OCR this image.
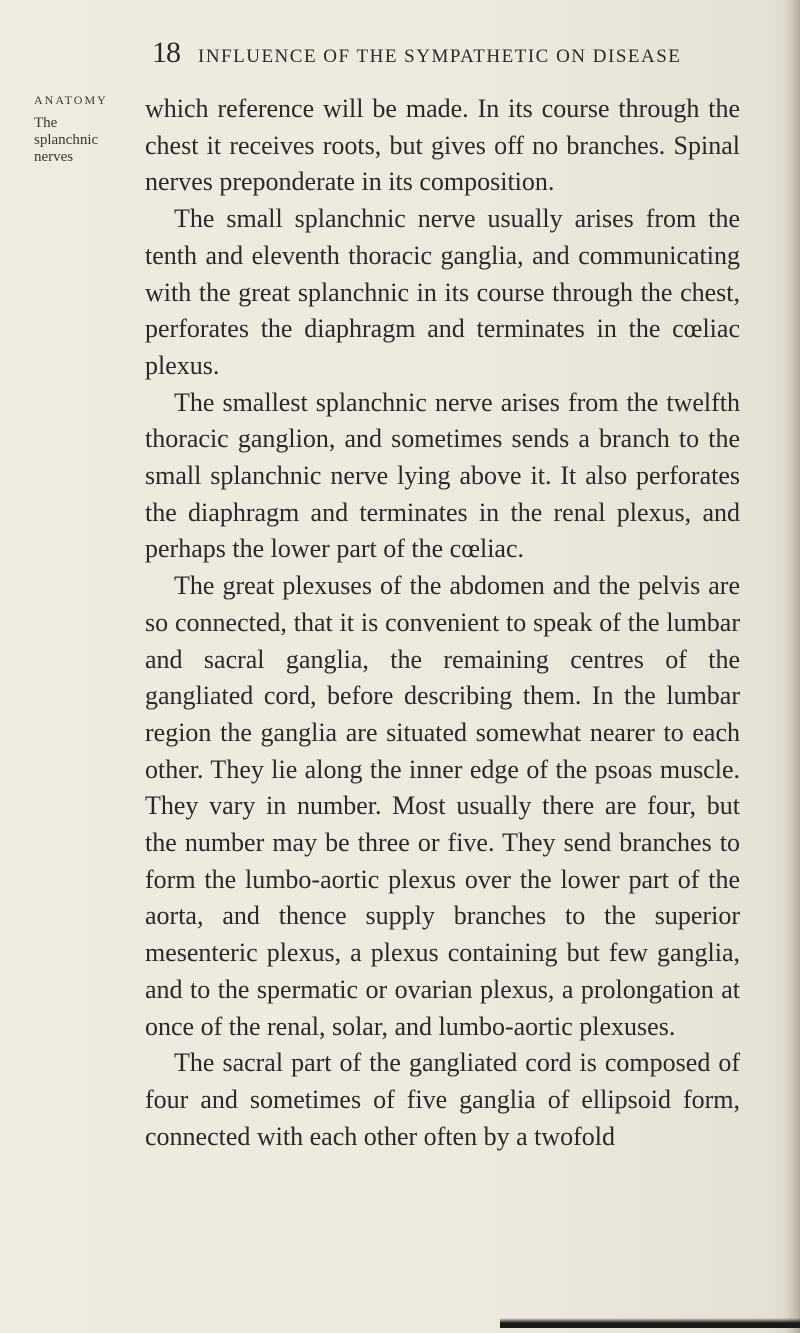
18 INFLUENCE OF THE SYMPATHETIC ON DISEASE
ANATOMY
The
splanchnic
nerves

which reference will be made. In its course through the chest it receives roots, but gives off no branches. Spinal nerves preponderate in its composition.

The small splanchnic nerve usually arises from the tenth and eleventh thoracic ganglia, and communicating with the great splanchnic in its course through the chest, perforates the diaphragm and terminates in the cœliac plexus.

The smallest splanchnic nerve arises from the twelfth thoracic ganglion, and sometimes sends a branch to the small splanchnic nerve lying above it. It also perforates the diaphragm and terminates in the renal plexus, and perhaps the lower part of the cœliac.

The great plexuses of the abdomen and the pelvis are so connected, that it is convenient to speak of the lumbar and sacral ganglia, the remaining centres of the gangliated cord, before describing them. In the lumbar region the ganglia are situated somewhat nearer to each other. They lie along the inner edge of the psoas muscle. They vary in number. Most usually there are four, but the number may be three or five. They send branches to form the lumbo-aortic plexus over the lower part of the aorta, and thence supply branches to the superior mesenteric plexus, a plexus containing but few ganglia, and to the spermatic or ovarian plexus, a prolongation at once of the renal, solar, and lumbo-aortic plexuses.

The sacral part of the gangliated cord is composed of four and sometimes of five ganglia of ellipsoid form, connected with each other often by a twofold
